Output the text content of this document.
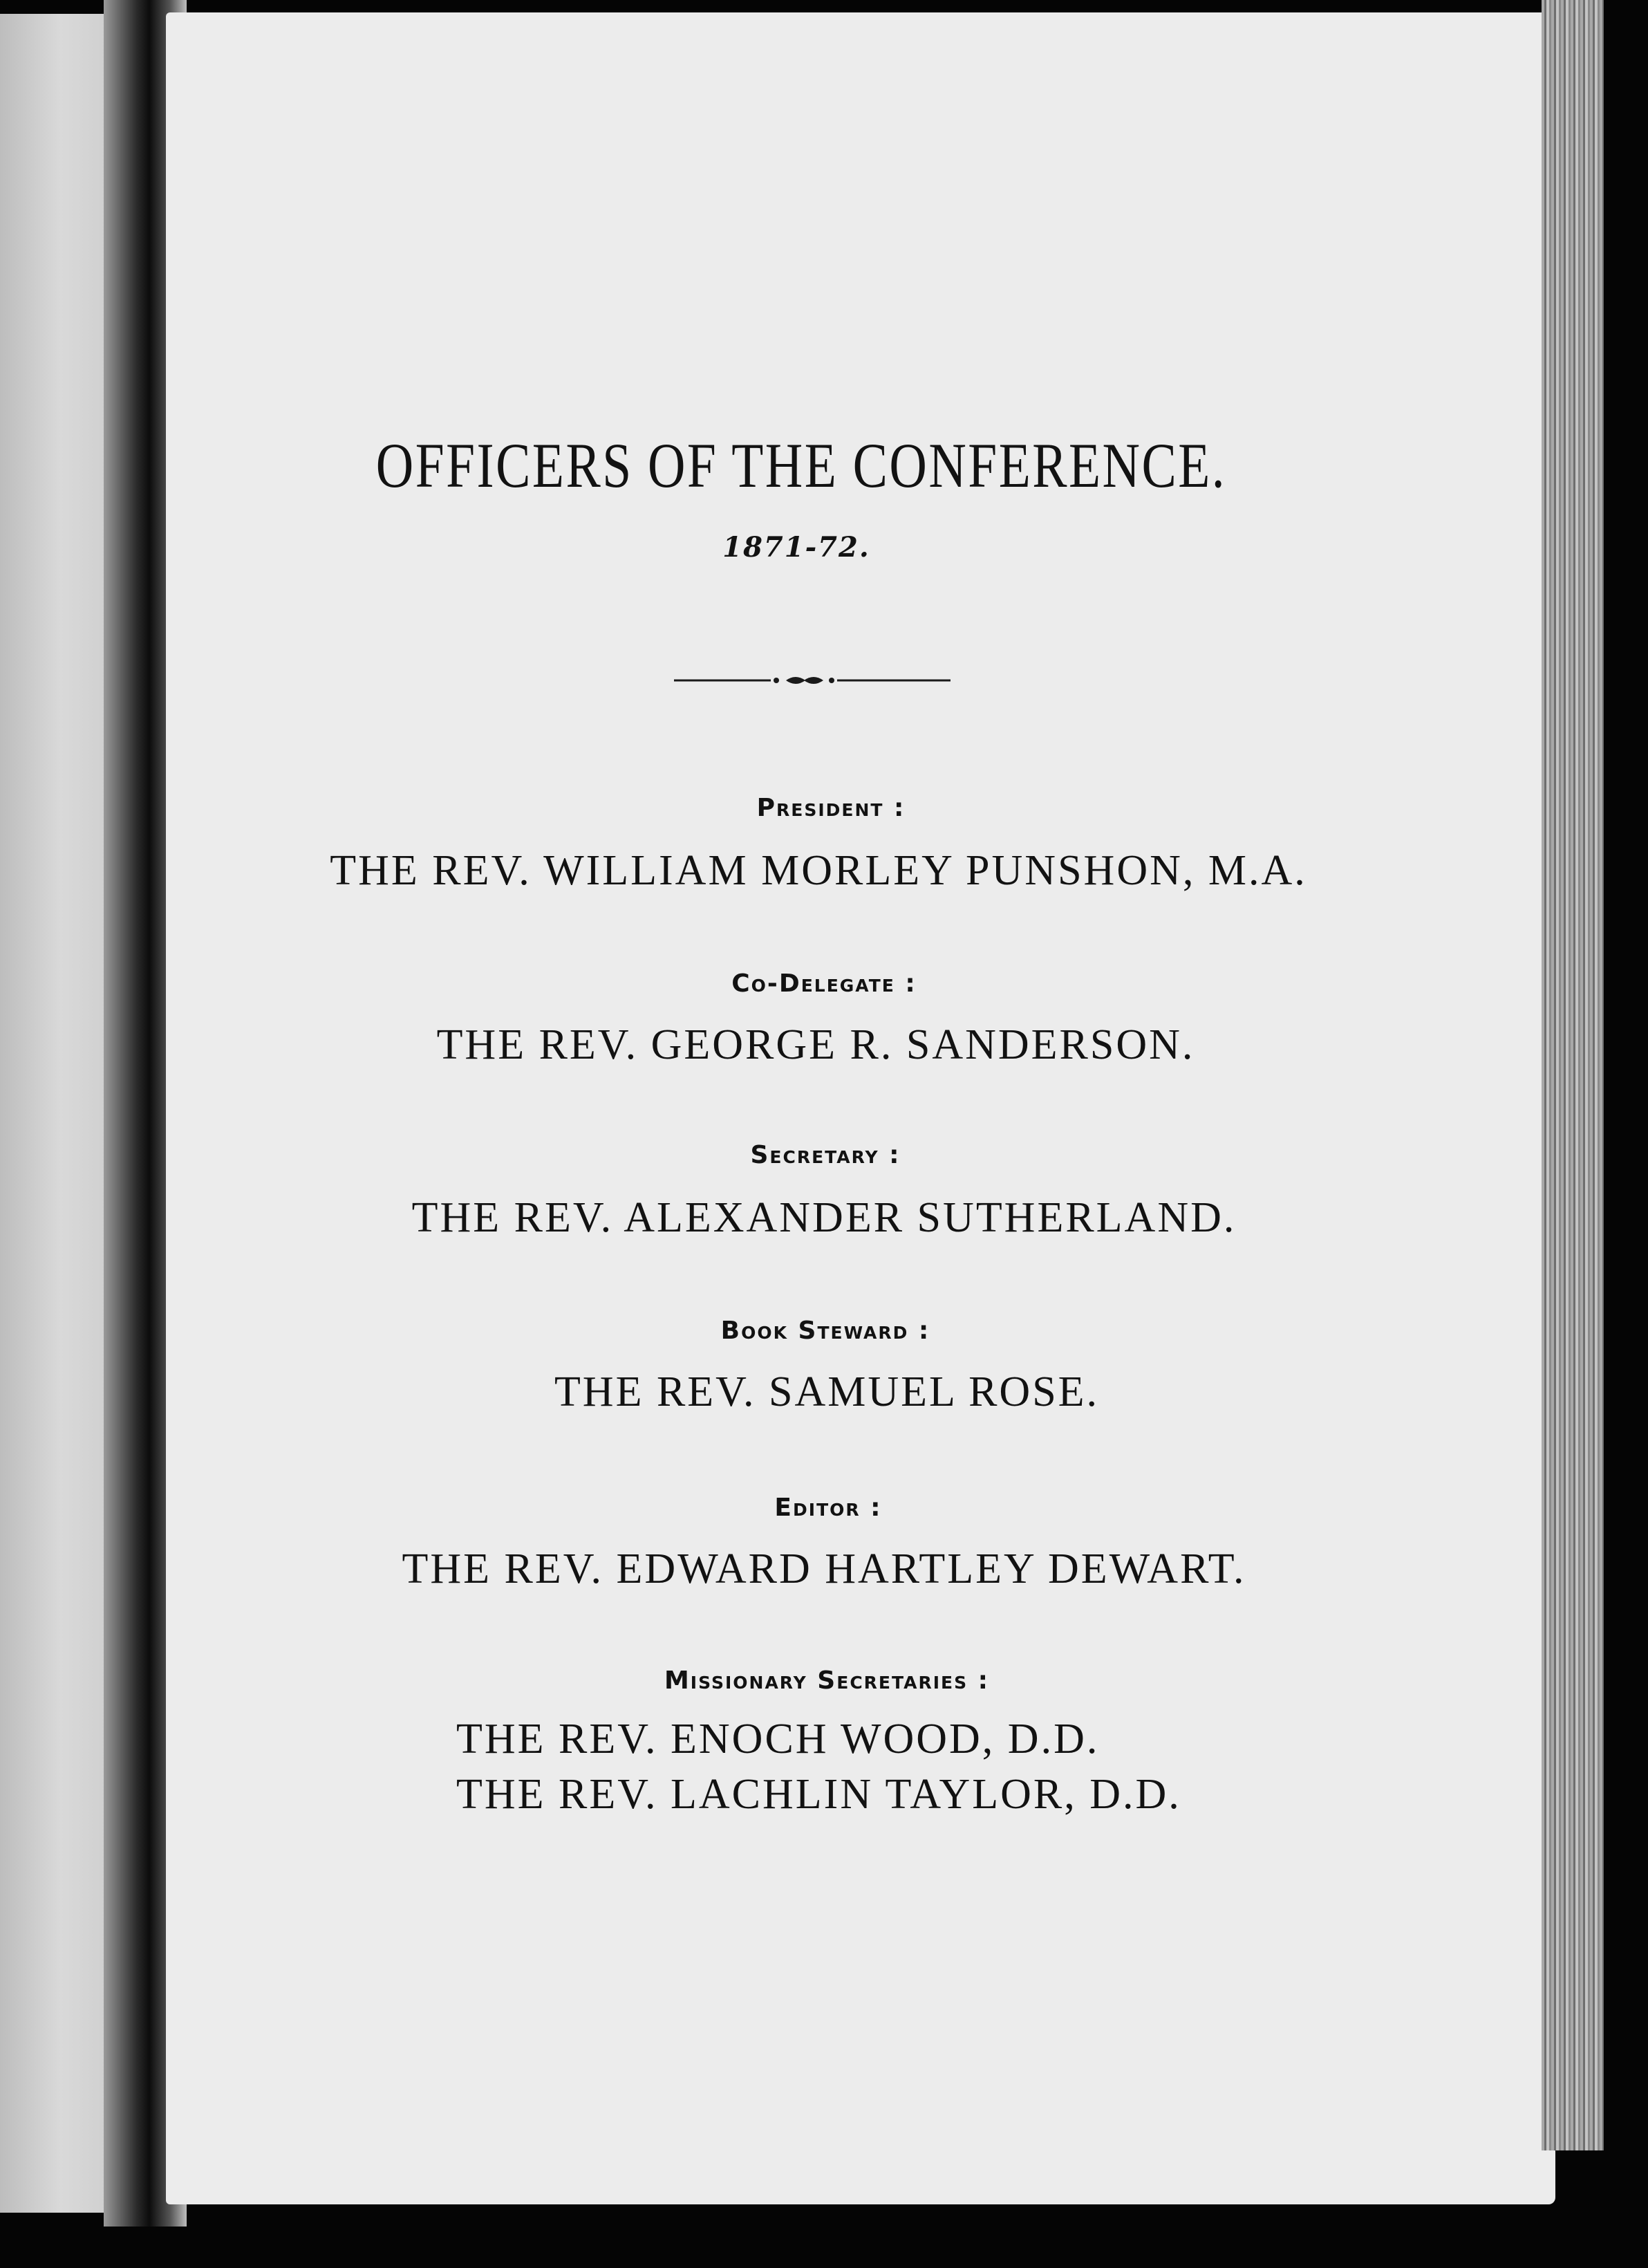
OFFICERS OF THE CONFERENCE.
1871-72.
President :
THE REV. WILLIAM MORLEY PUNSHON, M.A.
Co-Delegate :
THE REV. GEORGE R. SANDERSON.
Secretary :
THE REV. ALEXANDER SUTHERLAND.
Book Steward :
THE REV. SAMUEL ROSE.
Editor :
THE REV. EDWARD HARTLEY DEWART.
Missionary Secretaries :
THE REV. ENOCH WOOD, D.D.
THE REV. LACHLIN TAYLOR, D.D.
